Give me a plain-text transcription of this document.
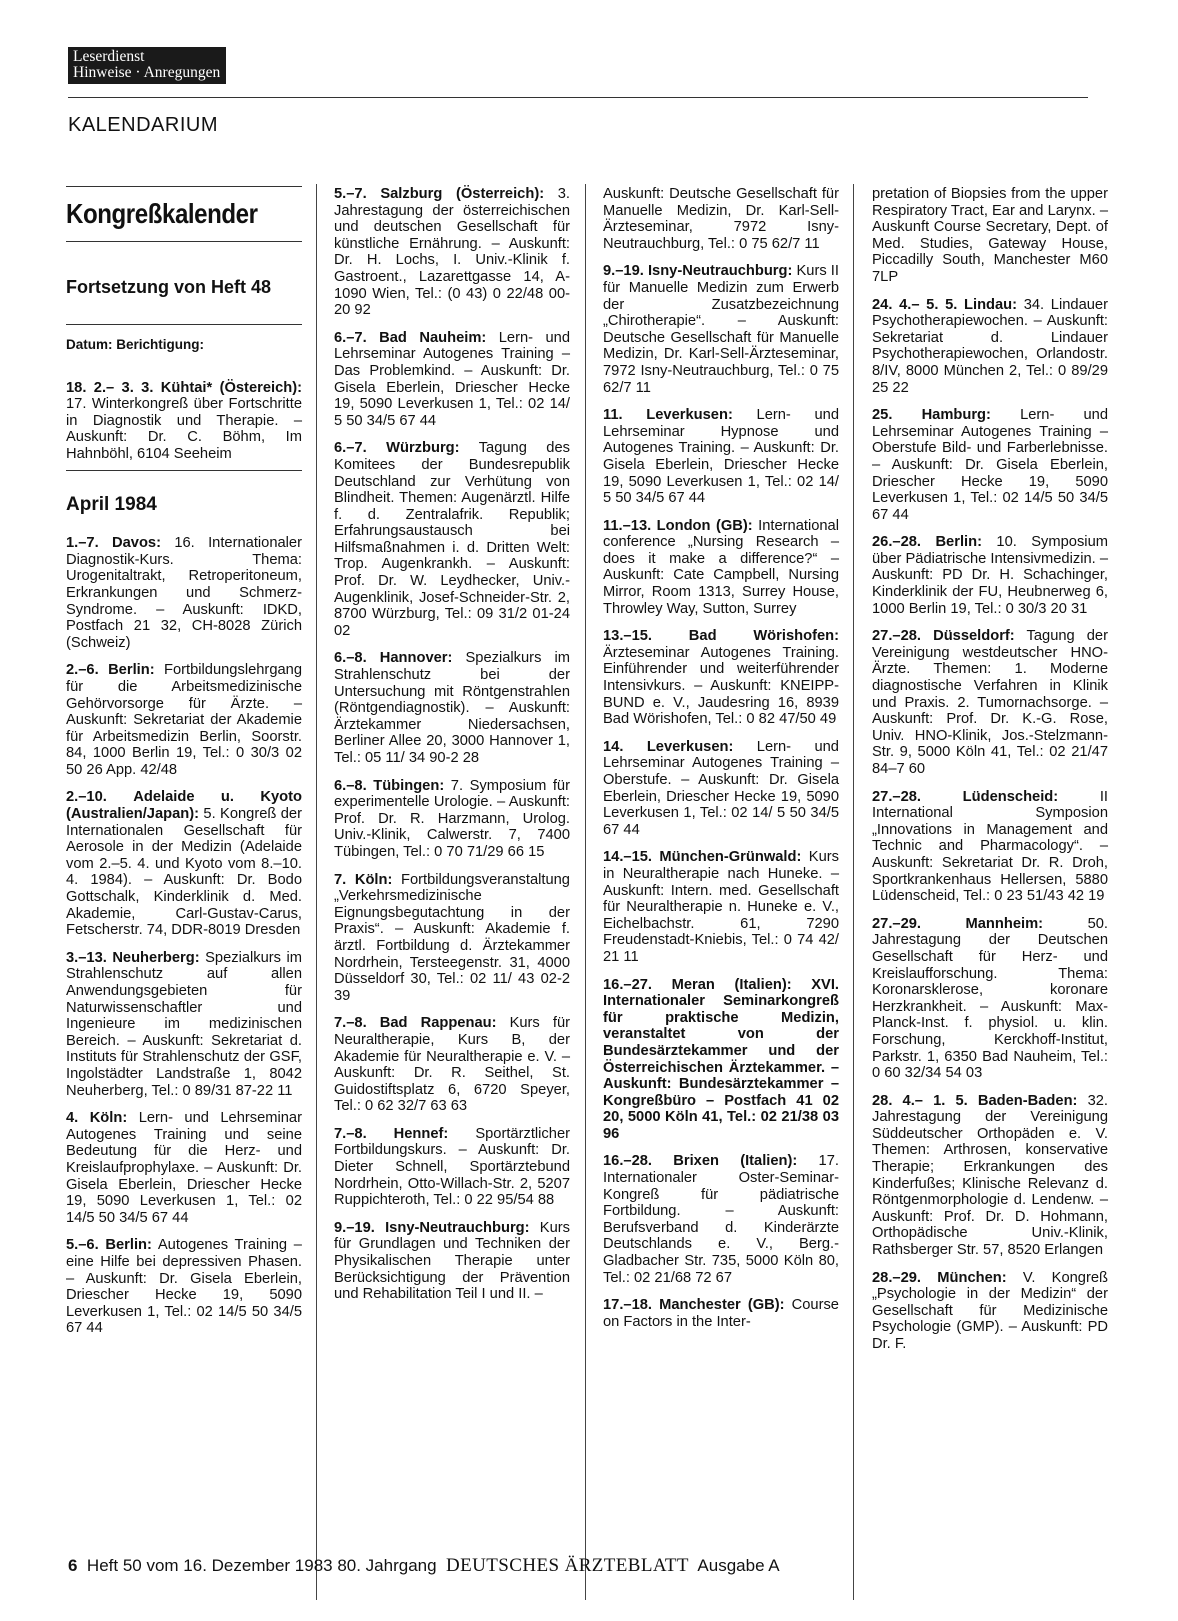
Leserdienst
Hinweise · Anregungen
KALENDARIUM
Kongreßkalender
Fortsetzung von Heft 48
Datum: Berichtigung:
18. 2.– 3. 3. Kühtai* (Östereich): 17. Winterkongreß über Fortschritte in Diagnostik und Therapie. – Auskunft: Dr. C. Böhm, Im Hahnböhl, 6104 Seeheim
April 1984
1.–7. Davos: 16. Internationaler Diagnostik-Kurs. Thema: Urogenitaltrakt, Retroperitoneum, Erkrankungen und Schmerz-Syndrome. – Auskunft: IDKD, Postfach 21 32, CH-8028 Zürich (Schweiz)
2.–6. Berlin: Fortbildungslehrgang für die Arbeitsmedizinische Gehörvorsorge für Ärzte. – Auskunft: Sekretariat der Akademie für Arbeitsmedizin Berlin, Soorstr. 84, 1000 Berlin 19, Tel.: 0 30/3 02 50 26 App. 42/48
2.–10. Adelaide u. Kyoto (Australien/Japan): 5. Kongreß der Internationalen Gesellschaft für Aerosole in der Medizin (Adelaide vom 2.–5. 4. und Kyoto vom 8.–10. 4. 1984). – Auskunft: Dr. Bodo Gottschalk, Kinderklinik d. Med. Akademie, Carl-Gustav-Carus, Fetscherstr. 74, DDR-8019 Dresden
3.–13. Neuherberg: Spezialkurs im Strahlenschutz auf allen Anwendungsgebieten für Naturwissenschaftler und Ingenieure im medizinischen Bereich. – Auskunft: Sekretariat d. Instituts für Strahlenschutz der GSF, Ingolstädter Landstraße 1, 8042 Neuherberg, Tel.: 0 89/31 87-22 11
4. Köln: Lern- und Lehrseminar Autogenes Training und seine Bedeutung für die Herz- und Kreislaufprophylaxe. – Auskunft: Dr. Gisela Eberlein, Driescher Hecke 19, 5090 Leverkusen 1, Tel.: 02 14/5 50 34/5 67 44
5.–6. Berlin: Autogenes Training – eine Hilfe bei depressiven Phasen. – Auskunft: Dr. Gisela Eberlein, Driescher Hecke 19, 5090 Leverkusen 1, Tel.: 02 14/5 50 34/5 67 44
5.–7. Salzburg (Österreich): 3. Jahrestagung der österreichischen und deutschen Gesellschaft für künstliche Ernährung. – Auskunft: Dr. H. Lochs, I. Univ.-Klinik f. Gastroent., Lazarettgasse 14, A-1090 Wien, Tel.: (0 43) 0 22/48 00-20 92
6.–7. Bad Nauheim: Lern- und Lehrseminar Autogenes Training – Das Problemkind. – Auskunft: Dr. Gisela Eberlein, Driescher Hecke 19, 5090 Leverkusen 1, Tel.: 02 14/ 5 50 34/5 67 44
6.–7. Würzburg: Tagung des Komitees der Bundesrepublik Deutschland zur Verhütung von Blindheit. Themen: Augenärztl. Hilfe f. d. Zentralafrik. Republik; Erfahrungsaustausch bei Hilfsmaßnahmen i. d. Dritten Welt: Trop. Augenkrankh. – Auskunft: Prof. Dr. W. Leydhecker, Univ.-Augenklinik, Josef-Schneider-Str. 2, 8700 Würzburg, Tel.: 09 31/2 01-24 02
6.–8. Hannover: Spezialkurs im Strahlenschutz bei der Untersuchung mit Röntgenstrahlen (Röntgendiagnostik). – Auskunft: Ärztekammer Niedersachsen, Berliner Allee 20, 3000 Hannover 1, Tel.: 05 11/ 34 90-2 28
6.–8. Tübingen: 7. Symposium für experimentelle Urologie. – Auskunft: Prof. Dr. R. Harzmann, Urolog. Univ.-Klinik, Calwerstr. 7, 7400 Tübingen, Tel.: 0 70 71/29 66 15
7. Köln: Fortbildungsveranstaltung „Verkehrsmedizinische Eignungsbegutachtung in der Praxis“. – Auskunft: Akademie f. ärztl. Fortbildung d. Ärztekammer Nordrhein, Tersteegenstr. 31, 4000 Düsseldorf 30, Tel.: 02 11/ 43 02-2 39
7.–8. Bad Rappenau: Kurs für Neuraltherapie, Kurs B, der Akademie für Neuraltherapie e. V. – Auskunft: Dr. R. Seithel, St. Guidostiftsplatz 6, 6720 Speyer, Tel.: 0 62 32/7 63 63
7.–8. Hennef: Sportärztlicher Fortbildungskurs. – Auskunft: Dr. Dieter Schnell, Sportärztebund Nordrhein, Otto-Willach-Str. 2, 5207 Ruppichteroth, Tel.: 0 22 95/54 88
9.–19. Isny-Neutrauchburg: Kurs für Grundlagen und Techniken der Physikalischen Therapie unter Berücksichtigung der Prävention und Rehabilitation Teil I und II. –
Auskunft: Deutsche Gesellschaft für Manuelle Medizin, Dr. Karl-Sell-Ärzteseminar, 7972 Isny-Neutrauchburg, Tel.: 0 75 62/7 11
9.–19. Isny-Neutrauchburg: Kurs II für Manuelle Medizin zum Erwerb der Zusatzbezeichnung „Chirotherapie“. – Auskunft: Deutsche Gesellschaft für Manuelle Medizin, Dr. Karl-Sell-Ärzteseminar, 7972 Isny-Neutrauchburg, Tel.: 0 75 62/7 11
11. Leverkusen: Lern- und Lehrseminar Hypnose und Autogenes Training. – Auskunft: Dr. Gisela Eberlein, Driescher Hecke 19, 5090 Leverkusen 1, Tel.: 02 14/ 5 50 34/5 67 44
11.–13. London (GB): International conference „Nursing Research – does it make a difference?“ – Auskunft: Cate Campbell, Nursing Mirror, Room 1313, Surrey House, Throwley Way, Sutton, Surrey
13.–15.	Bad Wörishofen: Ärzteseminar Autogenes Training. Einführender und weiterführender Intensivkurs. – Auskunft: KNEIPP-BUND e. V., Jaudesring 16, 8939 Bad Wörishofen, Tel.: 0 82 47/50 49
14. Leverkusen: Lern- und Lehrseminar Autogenes Training – Oberstufe. – Auskunft: Dr. Gisela Eberlein, Driescher Hecke 19, 5090 Leverkusen 1, Tel.: 02 14/ 5 50 34/5 67 44
14.–15. München-Grünwald: Kurs in Neuraltherapie nach Huneke. – Auskunft: Intern. med. Gesellschaft für Neuraltherapie n. Huneke e. V., Eichelbachstr. 61, 7290 Freudenstadt-Kniebis, Tel.: 0 74 42/ 21 11
16.–27. Meran (Italien): XVI. Internationaler Seminarkongreß für praktische Medizin, veranstaltet von der Bundesärztekammer und der Österreichischen Ärztekammer. – Auskunft: Bundesärztekammer – Kongreßbüro – Postfach 41 02 20, 5000 Köln 41, Tel.: 02 21/38 03 96
16.–28. Brixen (Italien): 17. Internationaler Oster-Seminar-Kongreß für pädiatrische Fortbildung. – Auskunft: Berufsverband d. Kinderärzte Deutschlands e. V., Berg.-Gladbacher Str. 735, 5000 Köln 80, Tel.: 02 21/68 72 67
17.–18. Manchester (GB): Course on Factors in the Inter-
pretation of Biopsies from the upper Respiratory Tract, Ear and Larynx. – Auskunft Course Secretary, Dept. of Med. Studies, Gateway House, Piccadilly South, Manchester M60 7LP
24. 4.– 5. 5. Lindau: 34. Lindauer Psychotherapiewochen. – Auskunft: Sekretariat d. Lindauer Psychotherapiewochen, Orlandostr. 8/IV, 8000 München 2, Tel.: 0 89/29 25 22
25. Hamburg: Lern- und Lehrseminar Autogenes Training – Oberstufe Bild- und Farberlebnisse. – Auskunft: Dr. Gisela Eberlein, Driescher Hecke 19, 5090 Leverkusen 1, Tel.: 02 14/5 50 34/5 67 44
26.–28. Berlin: 10. Symposium über Pädiatrische Intensivmedizin. – Auskunft: PD Dr. H. Schachinger, Kinderklinik der FU, Heubnerweg 6, 1000 Berlin 19, Tel.: 0 30/3 20 31
27.–28. Düsseldorf: Tagung der Vereinigung westdeutscher HNO-Ärzte. Themen: 1. Moderne diagnostische Verfahren in Klinik und Praxis. 2. Tumornachsorge. – Auskunft: Prof. Dr. K.-G. Rose, Univ. HNO-Klinik, Jos.-Stelzmann-Str. 9, 5000 Köln 41, Tel.: 02 21/47 84–7 60
27.–28.	Lüdenscheid:	II International Symposion „Innovations in Management and Technic and Pharmacology“. – Auskunft: Sekretariat Dr. R. Droh, Sportkrankenhaus Hellersen, 5880 Lüdenscheid, Tel.: 0 23 51/43 42 19
27.–29.	Mannheim:	50. Jahrestagung der Deutschen Gesellschaft für Herz- und Kreislaufforschung. Thema: Koronarsklerose, koronare Herzkrankheit. – Auskunft: Max-Planck-Inst. f. physiol. u. klin. Forschung, Kerckhoff-Institut, Parkstr. 1, 6350 Bad Nauheim, Tel.: 0 60 32/34 54 03
28. 4.– 1. 5. Baden-Baden: 32. Jahrestagung der Vereinigung Süddeutscher Orthopäden e. V. Themen: Arthrosen, konservative Therapie; Erkrankungen des Kinderfußes; Klinische Relevanz d. Röntgenmorphologie d. Lendenw. – Auskunft: Prof. Dr. D. Hohmann, Orthopädische Univ.-Klinik, Rathsberger Str. 57, 8520 Erlangen
28.–29. München: V. Kongreß „Psychologie in der Medizin“ der Gesellschaft für Medizinische Psychologie (GMP). – Auskunft: PD Dr. F.
6 Heft 50 vom 16. Dezember 1983 80. Jahrgang DEUTSCHES ÄRZTEBLATT Ausgabe A
